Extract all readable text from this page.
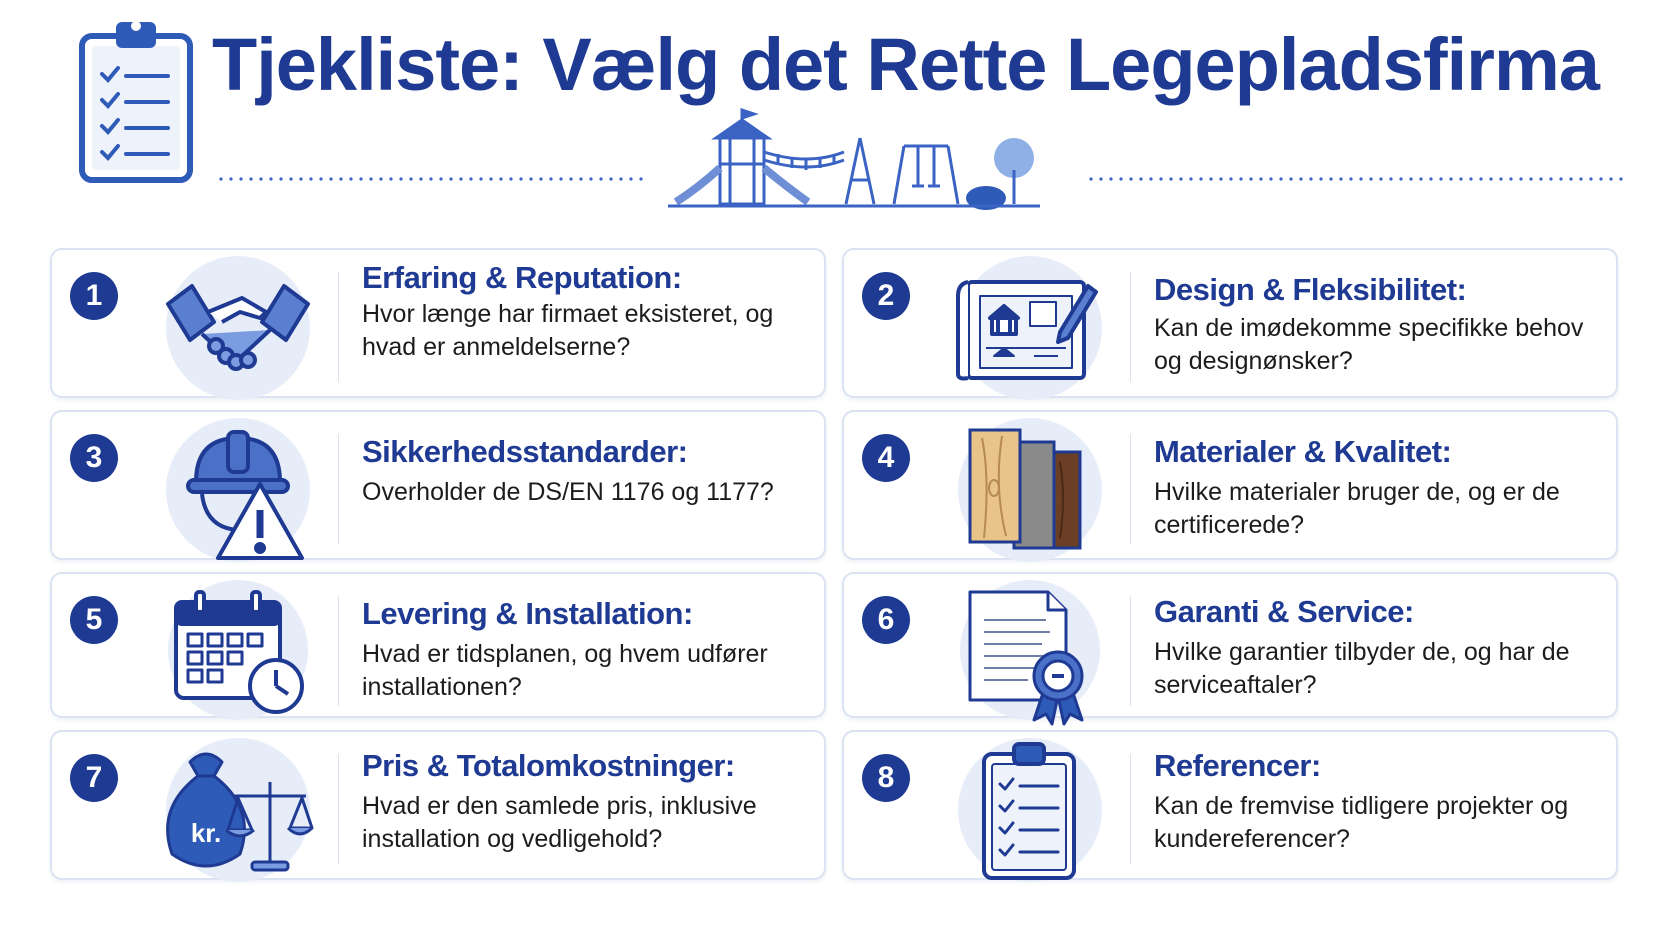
Tjekliste: Vælg det Rette Legepladsfirma
1
Erfaring & Reputation:
Hvor længe har firmaet eksisteret, og hvad er anmeldelserne?
2	Design & Fleksibilitet:
Kan de imødekomme specifikke behov og designønsker?
3	Sikkerhedsstandarder:
Overholder de DS/EN 1176 og 1177?
4	Materialer & Kvalitet:
Hvilke materialer bruger de, og er de certificerede?
5	Levering & Installation:
Hvad er tidsplanen, og hvem udfører installationen?
6	Garanti & Service:
Hvilke garantier tilbyder de, og har de serviceaftaler?
7
kr.
Pris & Totalomkostninger:
Hvad er den samlede pris, inklusive installation og vedligehold?
8	Referencer:
Kan de fremvise tidligere projekter og kundereferencer?
